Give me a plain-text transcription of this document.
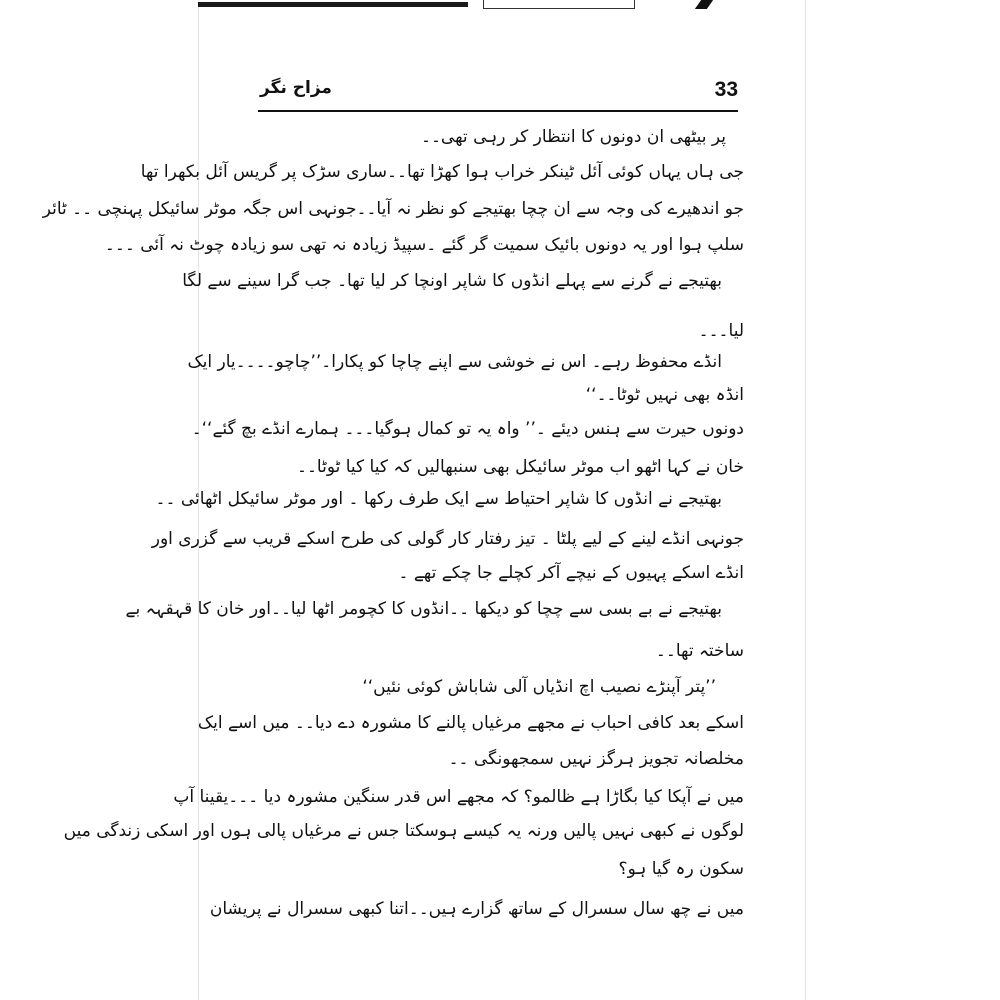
33
مزاح نگر
پر بیٹھی ان دونوں کا انتظار کر رہی تھی۔۔
جی ہاں یہاں کوئی آئل ٹینکر خراب ہوا کھڑا تھا۔۔ساری سڑک پر گریس آئل بکھرا تھا
جو اندھیرے کی وجہ سے ان چچا بھتیجے کو نظر نہ آیا۔۔جونہی اس جگہ موٹر سائیکل پہنچی ۔۔ ٹائر
سلپ ہوا اور یہ دونوں بائیک سمیت گر گئے ۔سپیڈ زیادہ نہ تھی سو زیادہ چوٹ نہ آئی ۔۔۔
بھتیجے نے گرنے سے پہلے انڈوں کا شاپر اونچا کر لیا تھا۔ جب گرا سینے سے لگا
لیا۔۔۔
انڈے محفوظ رہے۔ اس نے خوشی سے اپنے چاچا کو پکارا۔’’چاچو۔۔۔۔یار ایک
انڈہ بھی نہیں ٹوٹا۔۔‘‘
دونوں حیرت سے ہنس دیئے ۔’’ واہ یہ تو کمال ہوگیا۔۔۔ ہمارے انڈے بچ گئے‘‘۔
خان نے کہا اٹھو اب موٹر سائیکل بھی سنبھالیں کہ کیا کیا ٹوٹا۔۔
بھتیجے نے انڈوں کا شاپر احتیاط سے ایک طرف رکھا ۔ اور موٹر سائیکل اٹھائی ۔۔
جونہی انڈے لینے کے لیے پلٹا ۔ تیز رفتار کار گولی کی طرح اسکے قریب سے گزری اور
انڈے اسکے پہیوں کے نیچے آکر کچلے جا چکے تھے ۔
بھتیجے نے بے بسی سے چچا کو دیکھا ۔۔انڈوں کا کچومر اٹھا لیا۔۔اور خان کا قہقہہ بے
ساختہ تھا۔۔
’’پتر آپنڑے نصیب اچ انڈیاں آلی شاباش کوئی نئیں‘‘
اسکے بعد کافی احباب نے مجھے مرغیاں پالنے کا مشورہ دے دیا۔۔ میں اسے ایک
مخلصانہ تجویز ہرگز نہیں سمجھونگی ۔۔
میں نے آپکا کیا بگاڑا ہے ظالمو؟ کہ مجھے اس قدر سنگین مشورہ دیا ۔۔۔یقینا آپ
لوگوں نے کبھی نہیں پالیں ورنہ یہ کیسے ہوسکتا جس نے مرغیاں پالی ہوں اور اسکی زندگی میں
سکون رہ گیا ہو؟
میں نے چھ سال سسرال کے ساتھ گزارے ہیں۔۔اتنا کبھی سسرال نے پریشان
